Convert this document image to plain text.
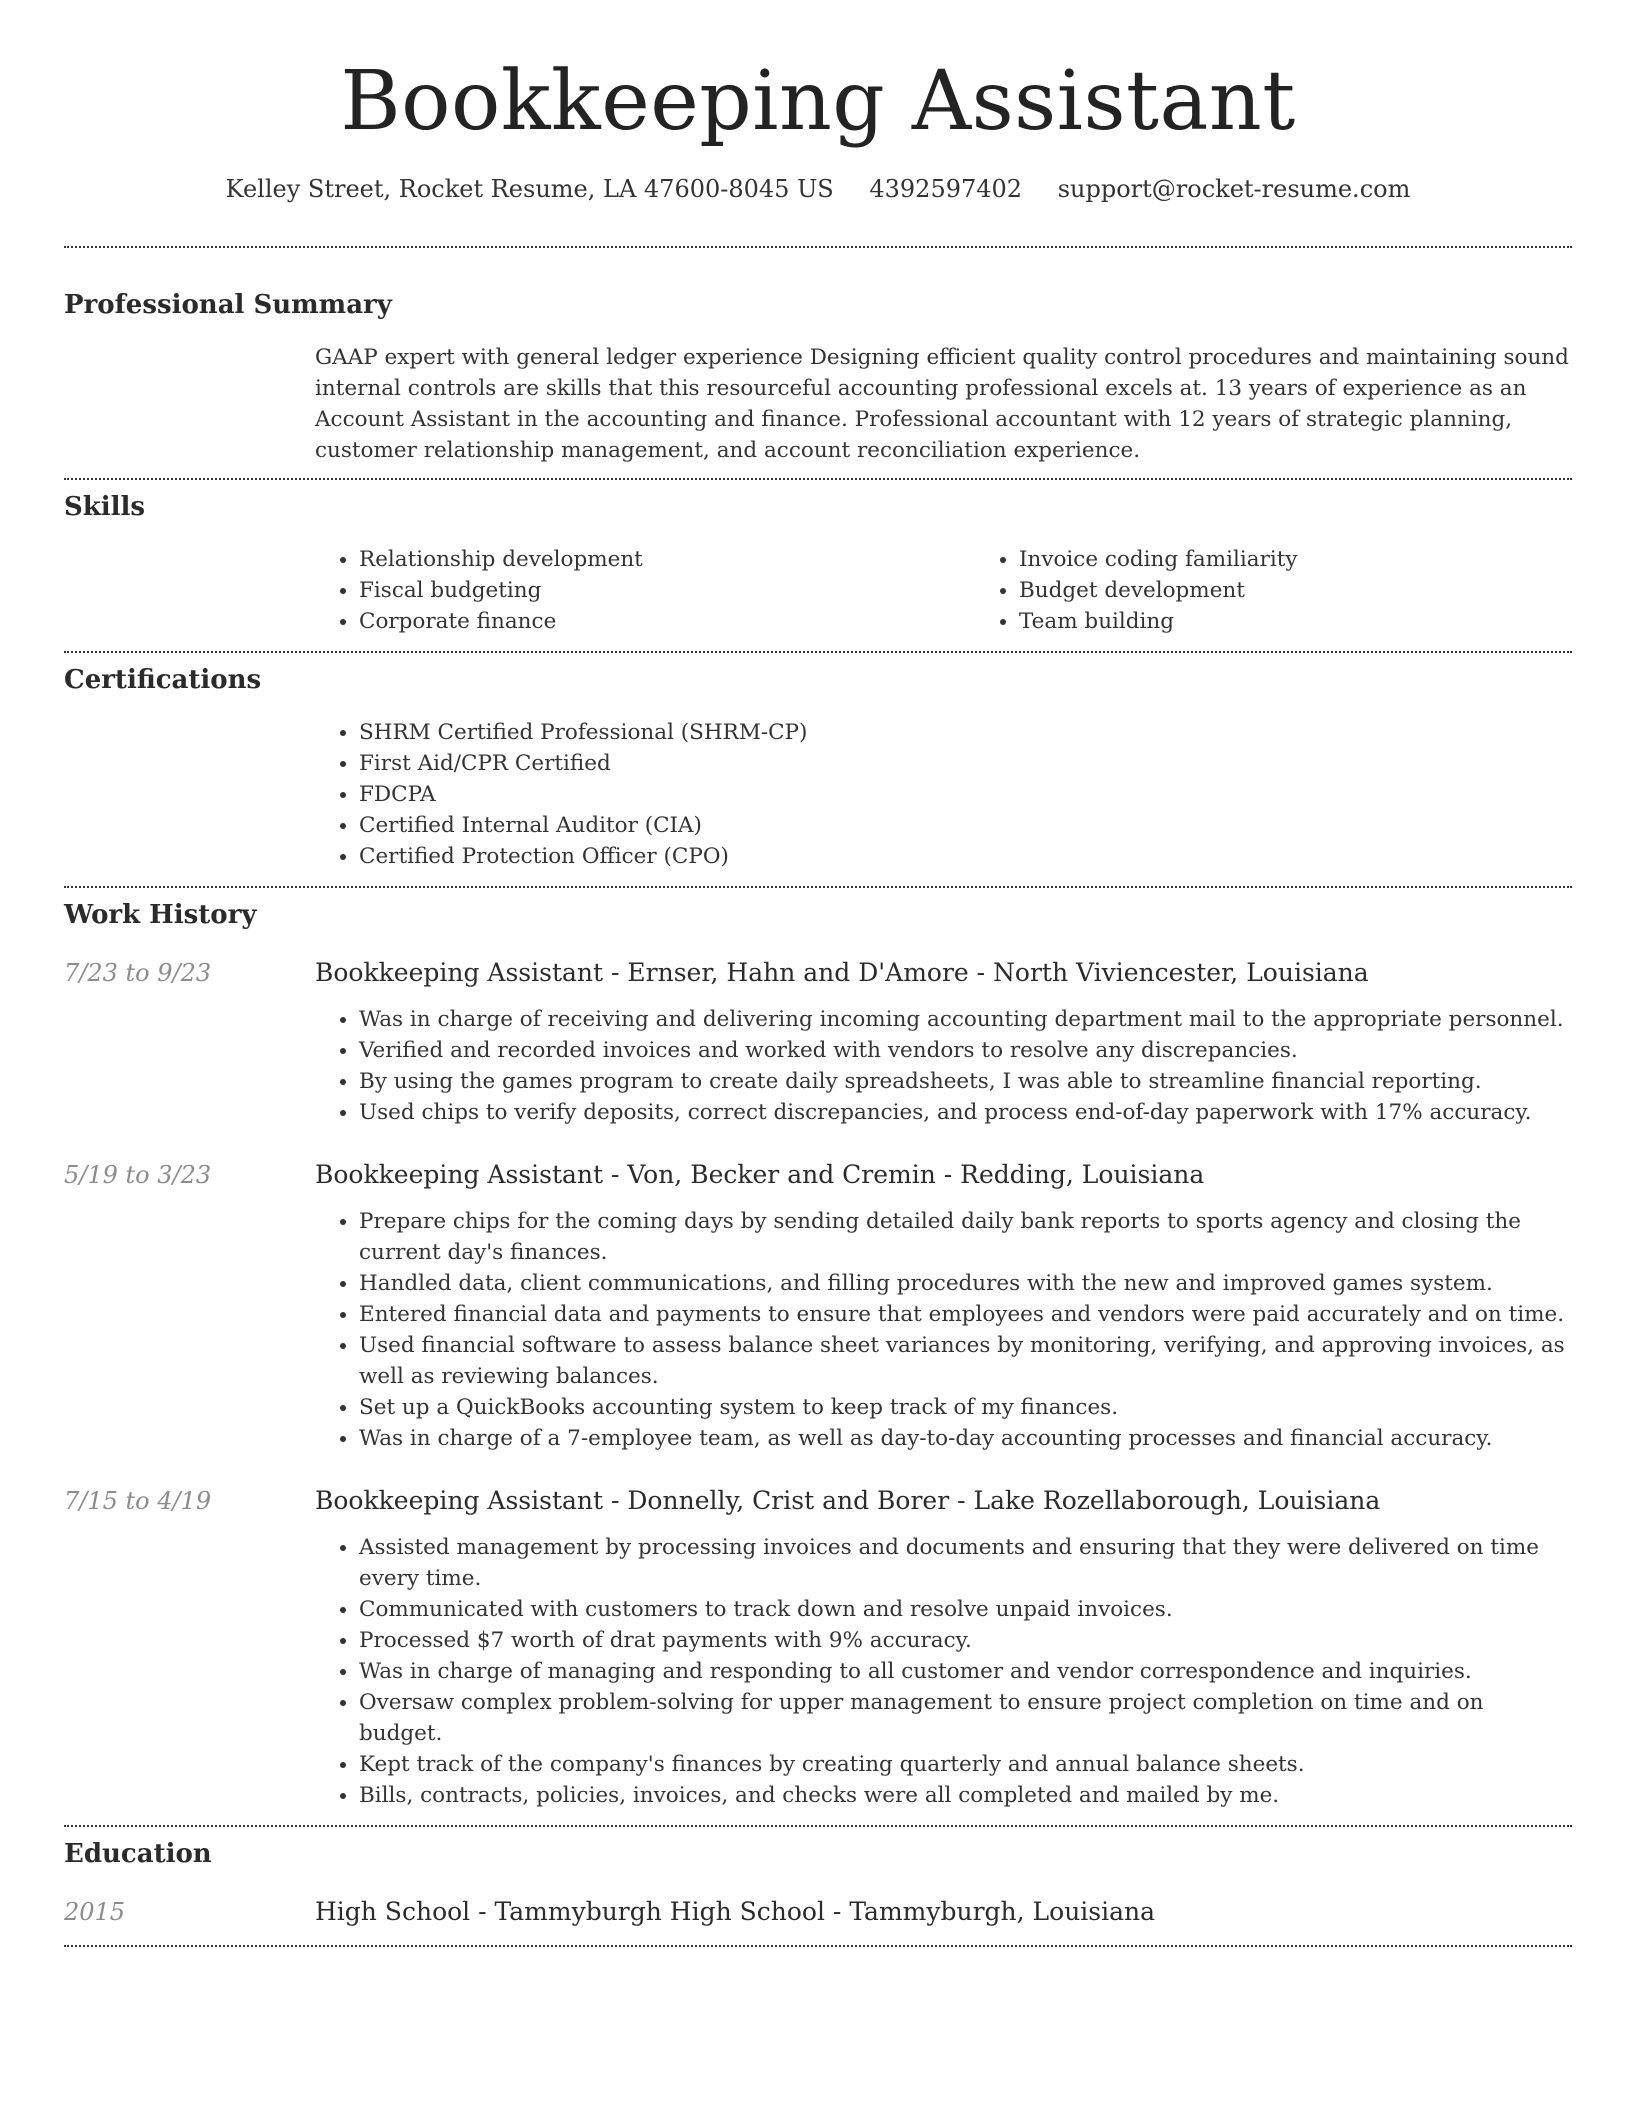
Bookkeeping Assistant
Kelley Street, Rocket Resume, LA 47600-8045 US 4392597402 support@rocket-resume.com
Professional Summary

GAAP expert with general ledger experience Designing efficient quality control procedures and maintaining sound internal controls are skills that this resourceful accounting professional excels at. 13 years of experience as an Account Assistant in the accounting and finance. Professional accountant with 12 years of strategic planning, customer relationship management, and account reconciliation experience.

Skills
• Relationship development
• Fiscal budgeting
• Corporate finance
• Invoice coding familiarity
• Budget development
• Team building
Certifications
• SHRM Certified Professional (SHRM-CP)
• First Aid/CPR Certified
• FDCPA
• Certified Internal Auditor (CIA)
• Certified Protection Officer (CPO)
Work History
7/23 to 9/23	Bookkeeping Assistant - Ernser, Hahn and D'Amore - North Viviencester, Louisiana
• Was in charge of receiving and delivering incoming accounting department mail to the appropriate personnel.
• Verified and recorded invoices and worked with vendors to resolve any discrepancies.
• By using the games program to create daily spreadsheets, I was able to streamline financial reporting.
• Used chips to verify deposits, correct discrepancies, and process end-of-day paperwork with 17% accuracy.
5/19 to 3/23	Bookkeeping Assistant - Von, Becker and Cremin - Redding, Louisiana
• Prepare chips for the coming days by sending detailed daily bank reports to sports agency and closing the current day's finances.
• Handled data, client communications, and filling procedures with the new and improved games system.
• Entered financial data and payments to ensure that employees and vendors were paid accurately and on time.
• Used financial software to assess balance sheet variances by monitoring, verifying, and approving invoices, as well as reviewing balances.
• Set up a QuickBooks accounting system to keep track of my finances.
• Was in charge of a 7-employee team, as well as day-to-day accounting processes and financial accuracy.
7/15 to 4/19	Bookkeeping Assistant - Donnelly, Crist and Borer - Lake Rozellaborough, Louisiana
• Assisted management by processing invoices and documents and ensuring that they were delivered on time every time.
• Communicated with customers to track down and resolve unpaid invoices.
• Processed $7 worth of drat payments with 9% accuracy.
• Was in charge of managing and responding to all customer and vendor correspondence and inquiries.
• Oversaw complex problem-solving for upper management to ensure project completion on time and on budget.
• Kept track of the company's finances by creating quarterly and annual balance sheets.
• Bills, contracts, policies, invoices, and checks were all completed and mailed by me.
Education
2015	High School - Tammyburgh High School - Tammyburgh, Louisiana
